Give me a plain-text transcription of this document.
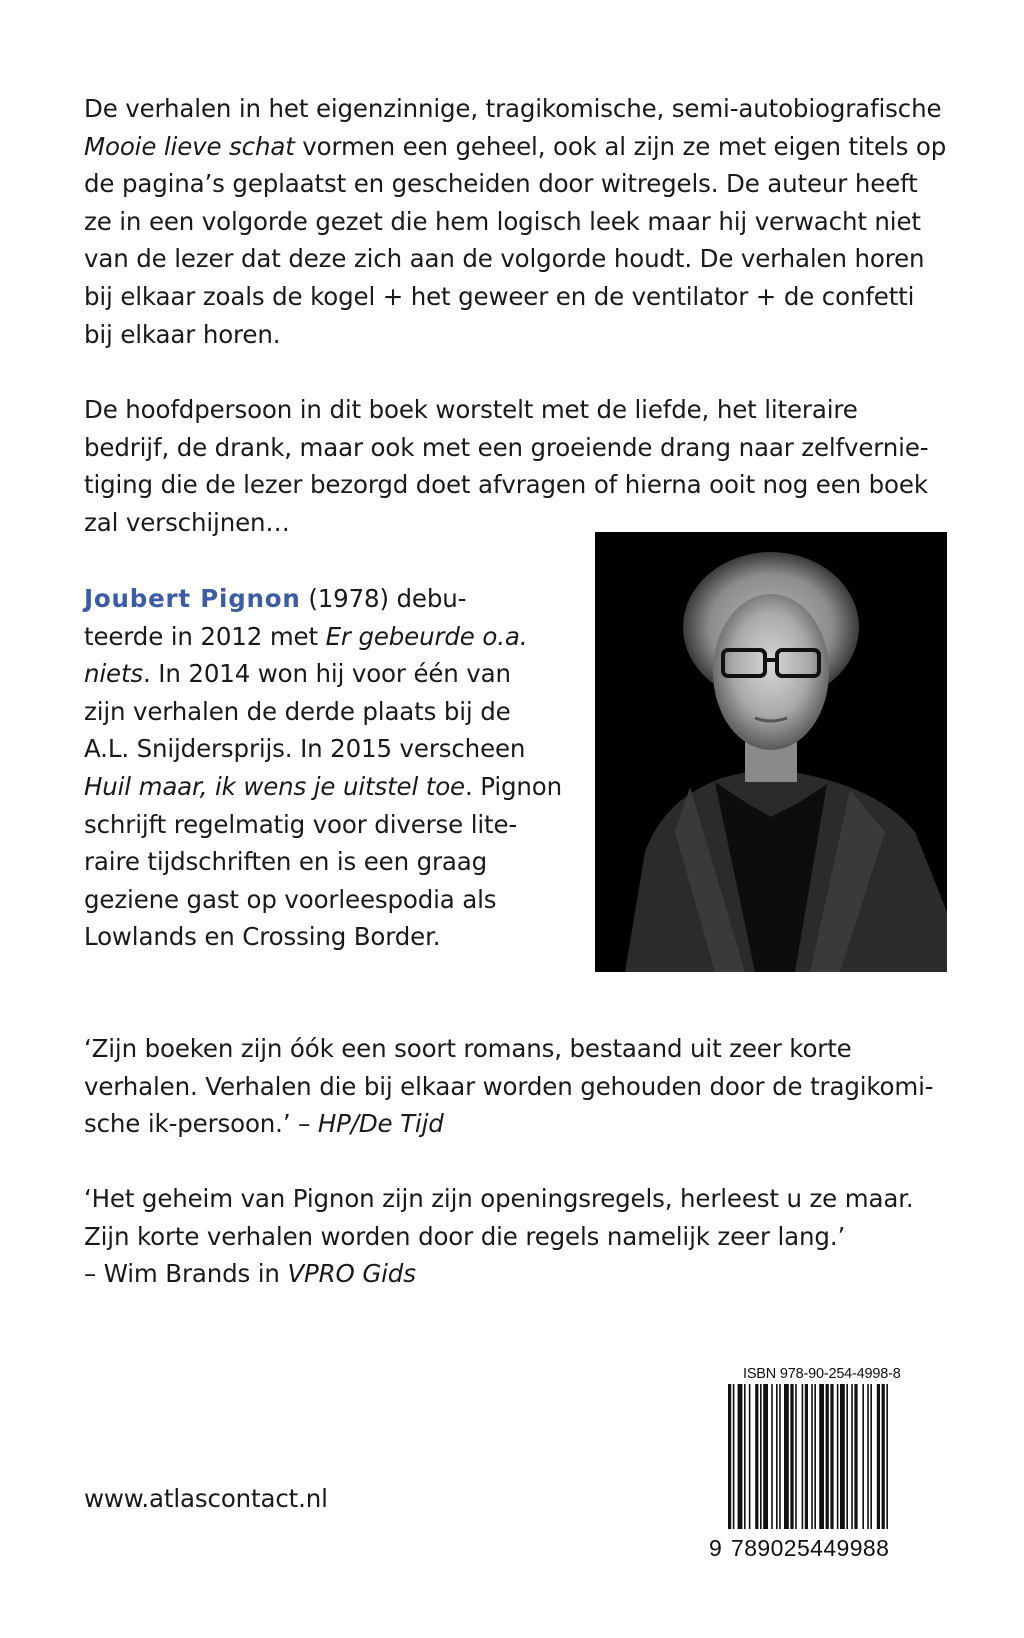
De verhalen in het eigenzinnige, tragikomische, semi-autobiografische
Mooie lieve schat vormen een geheel, ook al zijn ze met eigen titels op
de pagina’s geplaatst en gescheiden door witregels. De auteur heeft
ze in een volgorde gezet die hem logisch leek maar hij verwacht niet
van de lezer dat deze zich aan de volgorde houdt. De verhalen horen
bij elkaar zoals de kogel + het geweer en de ventilator + de confetti
bij elkaar horen.
De hoofdpersoon in dit boek worstelt met de liefde, het literaire
bedrijf, de drank, maar ook met een groeiende drang naar zelfvernie-
tiging die de lezer bezorgd doet afvragen of hierna ooit nog een boek
zal verschijnen…
Joubert Pignon (1978) debu-
teerde in 2012 met Er gebeurde o.a.
niets. In 2014 won hij voor één van
zijn verhalen de derde plaats bij de
A.L. Snijdersprijs. In 2015 verscheen
Huil maar, ik wens je uitstel toe. Pignon
schrijft regelmatig voor diverse lite-
raire tijdschriften en is een graag
geziene gast op voorleespodia als
Lowlands en Crossing Border.
‘Zijn boeken zijn óók een soort romans, bestaand uit zeer korte
verhalen. Verhalen die bij elkaar worden gehouden door de tragikomi-
sche ik-persoon.’ – HP/De Tijd
‘Het geheim van Pignon zijn zijn openingsregels, herleest u ze maar.
Zijn korte verhalen worden door die regels namelijk zeer lang.’
– Wim Brands in VPRO Gids
www.atlascontact.nl
ISBN 978-90-254-4998-8
9 789025449988
